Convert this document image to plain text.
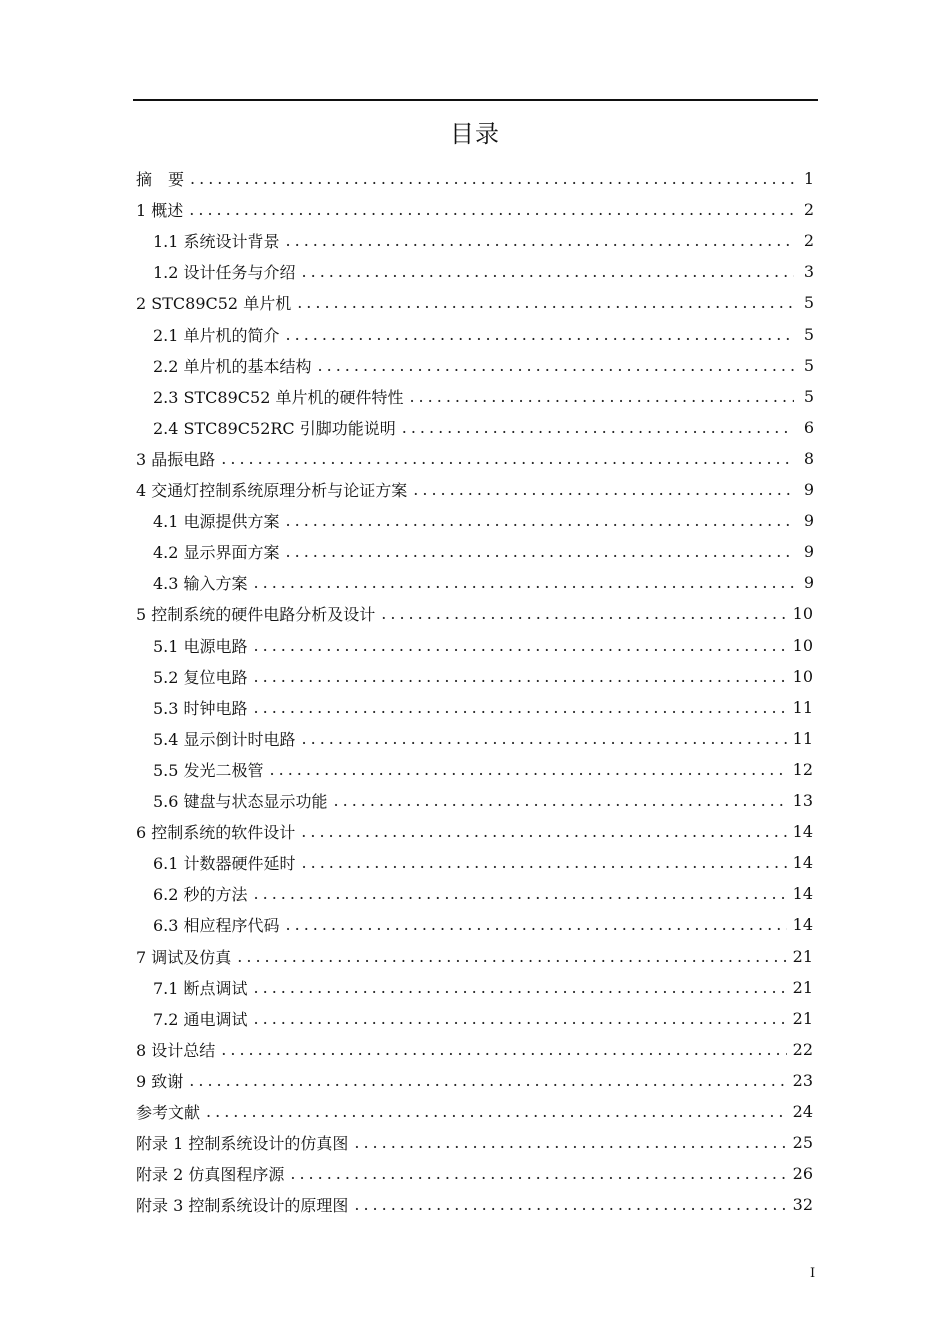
目录
摘　要 .....	1
1 概述 .....	2
1.1 系统设计背景 .....	2
1.2 设计任务与介绍 .....	3
2 STC89C52 单片机 .....	5
2.1 单片机的简介 .....	5
2.2 单片机的基本结构 .....	5
2.3 STC89C52 单片机的硬件特性 .....	5
2.4 STC89C52RC 引脚功能说明 .....	6
3 晶振电路 .....	8
4 交通灯控制系统原理分析与论证方案 .....	9
4.1 电源提供方案 .....	9
4.2 显示界面方案 .....	9
4.3 输入方案 .....	9
5 控制系统的硬件电路分析及设计 .....	10
5.1 电源电路 .....	10
5.2 复位电路 .....	10
5.3 时钟电路 .....	11
5.4 显示倒计时电路 .....	11
5.5 发光二极管 .....	12
5.6 键盘与状态显示功能 .....	13
6 控制系统的软件设计 .....	14
6.1 计数器硬件延时 .....	14
6.2 秒的方法 .....	14
6.3 相应程序代码 .....	14
7 调试及仿真 .....	21
7.1 断点调试 .....	21
7.2 通电调试 .....	21
8 设计总结 .....	22
9 致谢 .....	23
参考文献 .....	24
附录 1 控制系统设计的仿真图 .....	25
附录 2 仿真图程序源 .....	26
附录 3 控制系统设计的原理图 .....	32
I
